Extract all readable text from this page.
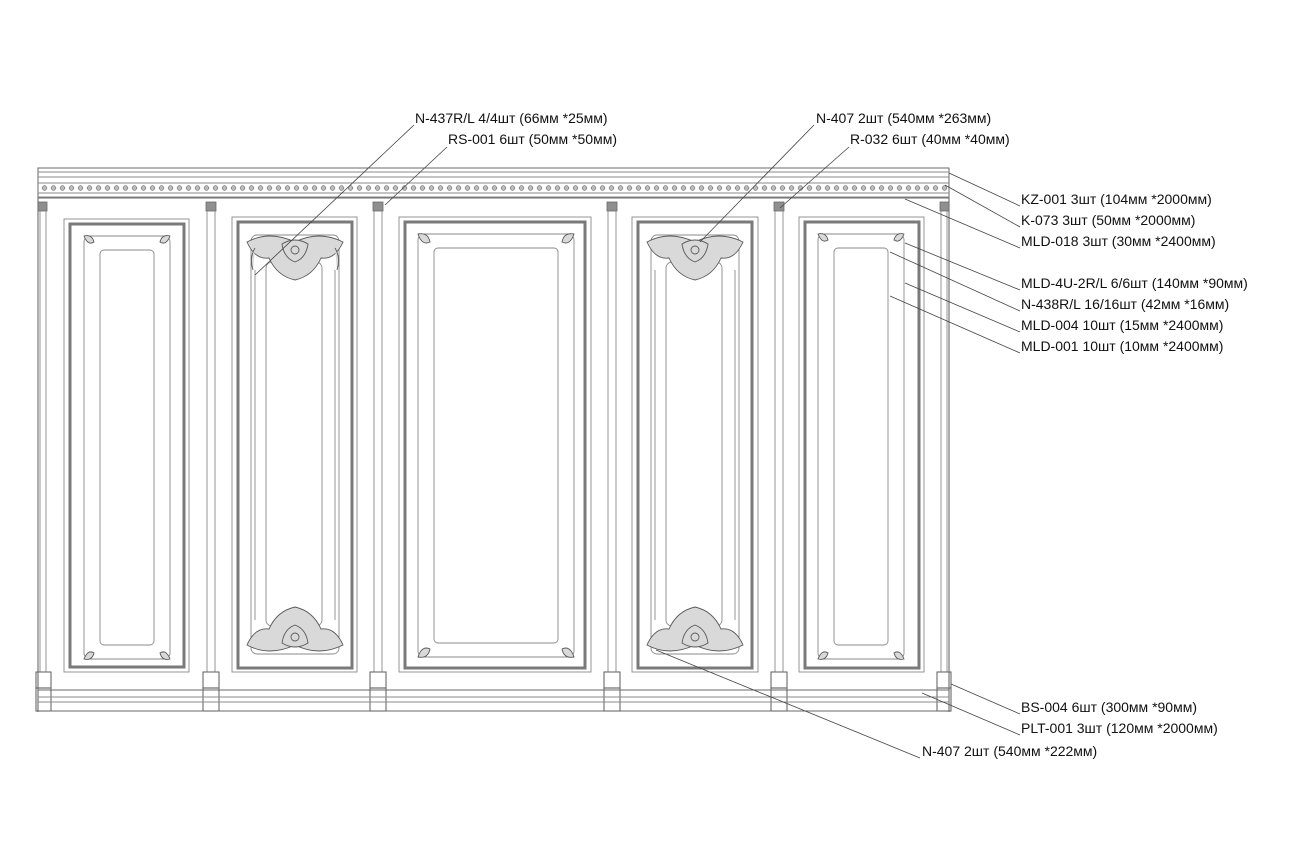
N-437R/L 4/4шт (66мм *25мм)
RS-001 6шт (50мм *50мм)
N-407 2шт (540мм *263мм)
R-032 6шт (40мм *40мм)
KZ-001 3шт (104мм *2000мм)
K-073 3шт (50мм *2000мм)
MLD-018 3шт (30мм *2400мм)
MLD-4U-2R/L 6/6шт (140мм *90мм)
N-438R/L 16/16шт (42мм *16мм)
MLD-004 10шт (15мм *2400мм)
MLD-001 10шт (10мм *2400мм)
BS-004 6шт (300мм *90мм)
PLT-001 3шт (120мм *2000мм)
N-407 2шт (540мм *222мм)
